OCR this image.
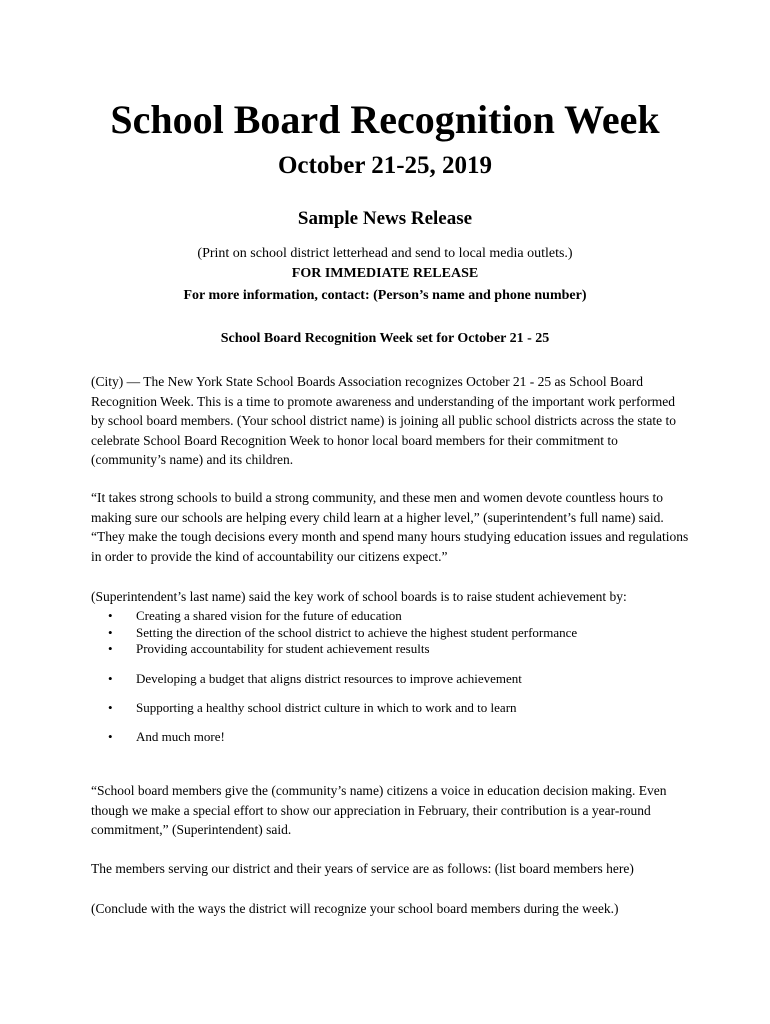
School Board Recognition Week
October 21-25, 2019
Sample News Release

(Print on school district letterhead and send to local media outlets.)

FOR IMMEDIATE RELEASE

For more information, contact: (Person’s name and phone number)

School Board Recognition Week set for October 21 - 25

(City) — The New York State School Boards Association recognizes October 21 - 25 as School Board Recognition Week. This is a time to promote awareness and understanding of the important work performed by school board members. (Your school district name) is joining all public school districts across the state to celebrate School Board Recognition Week to honor local board members for their commitment to (community’s name) and its children.

“It takes strong schools to build a strong community, and these men and women devote countless hours to making sure our schools are helping every child learn at a higher level,” (superintendent’s full name) said. “They make the tough decisions every month and spend many hours studying education issues and regulations in order to provide the kind of accountability our citizens expect.”

(Superintendent’s last name) said the key work of school boards is to raise student achievement by:

•	Creating a shared vision for the future of education
•	Setting the direction of the school district to achieve the highest student performance
•	Providing accountability for student achievement results
•	Developing a budget that aligns district resources to improve achievement
•	Supporting a healthy school district culture in which to work and to learn
•	And much more!

“School board members give the (community’s name) citizens a voice in education decision making. Even though we make a special effort to show our appreciation in February, their contribution is a year-round commitment,” (Superintendent) said.

The members serving our district and their years of service are as follows: (list board members here)

(Conclude with the ways the district will recognize your school board members during the week.)
